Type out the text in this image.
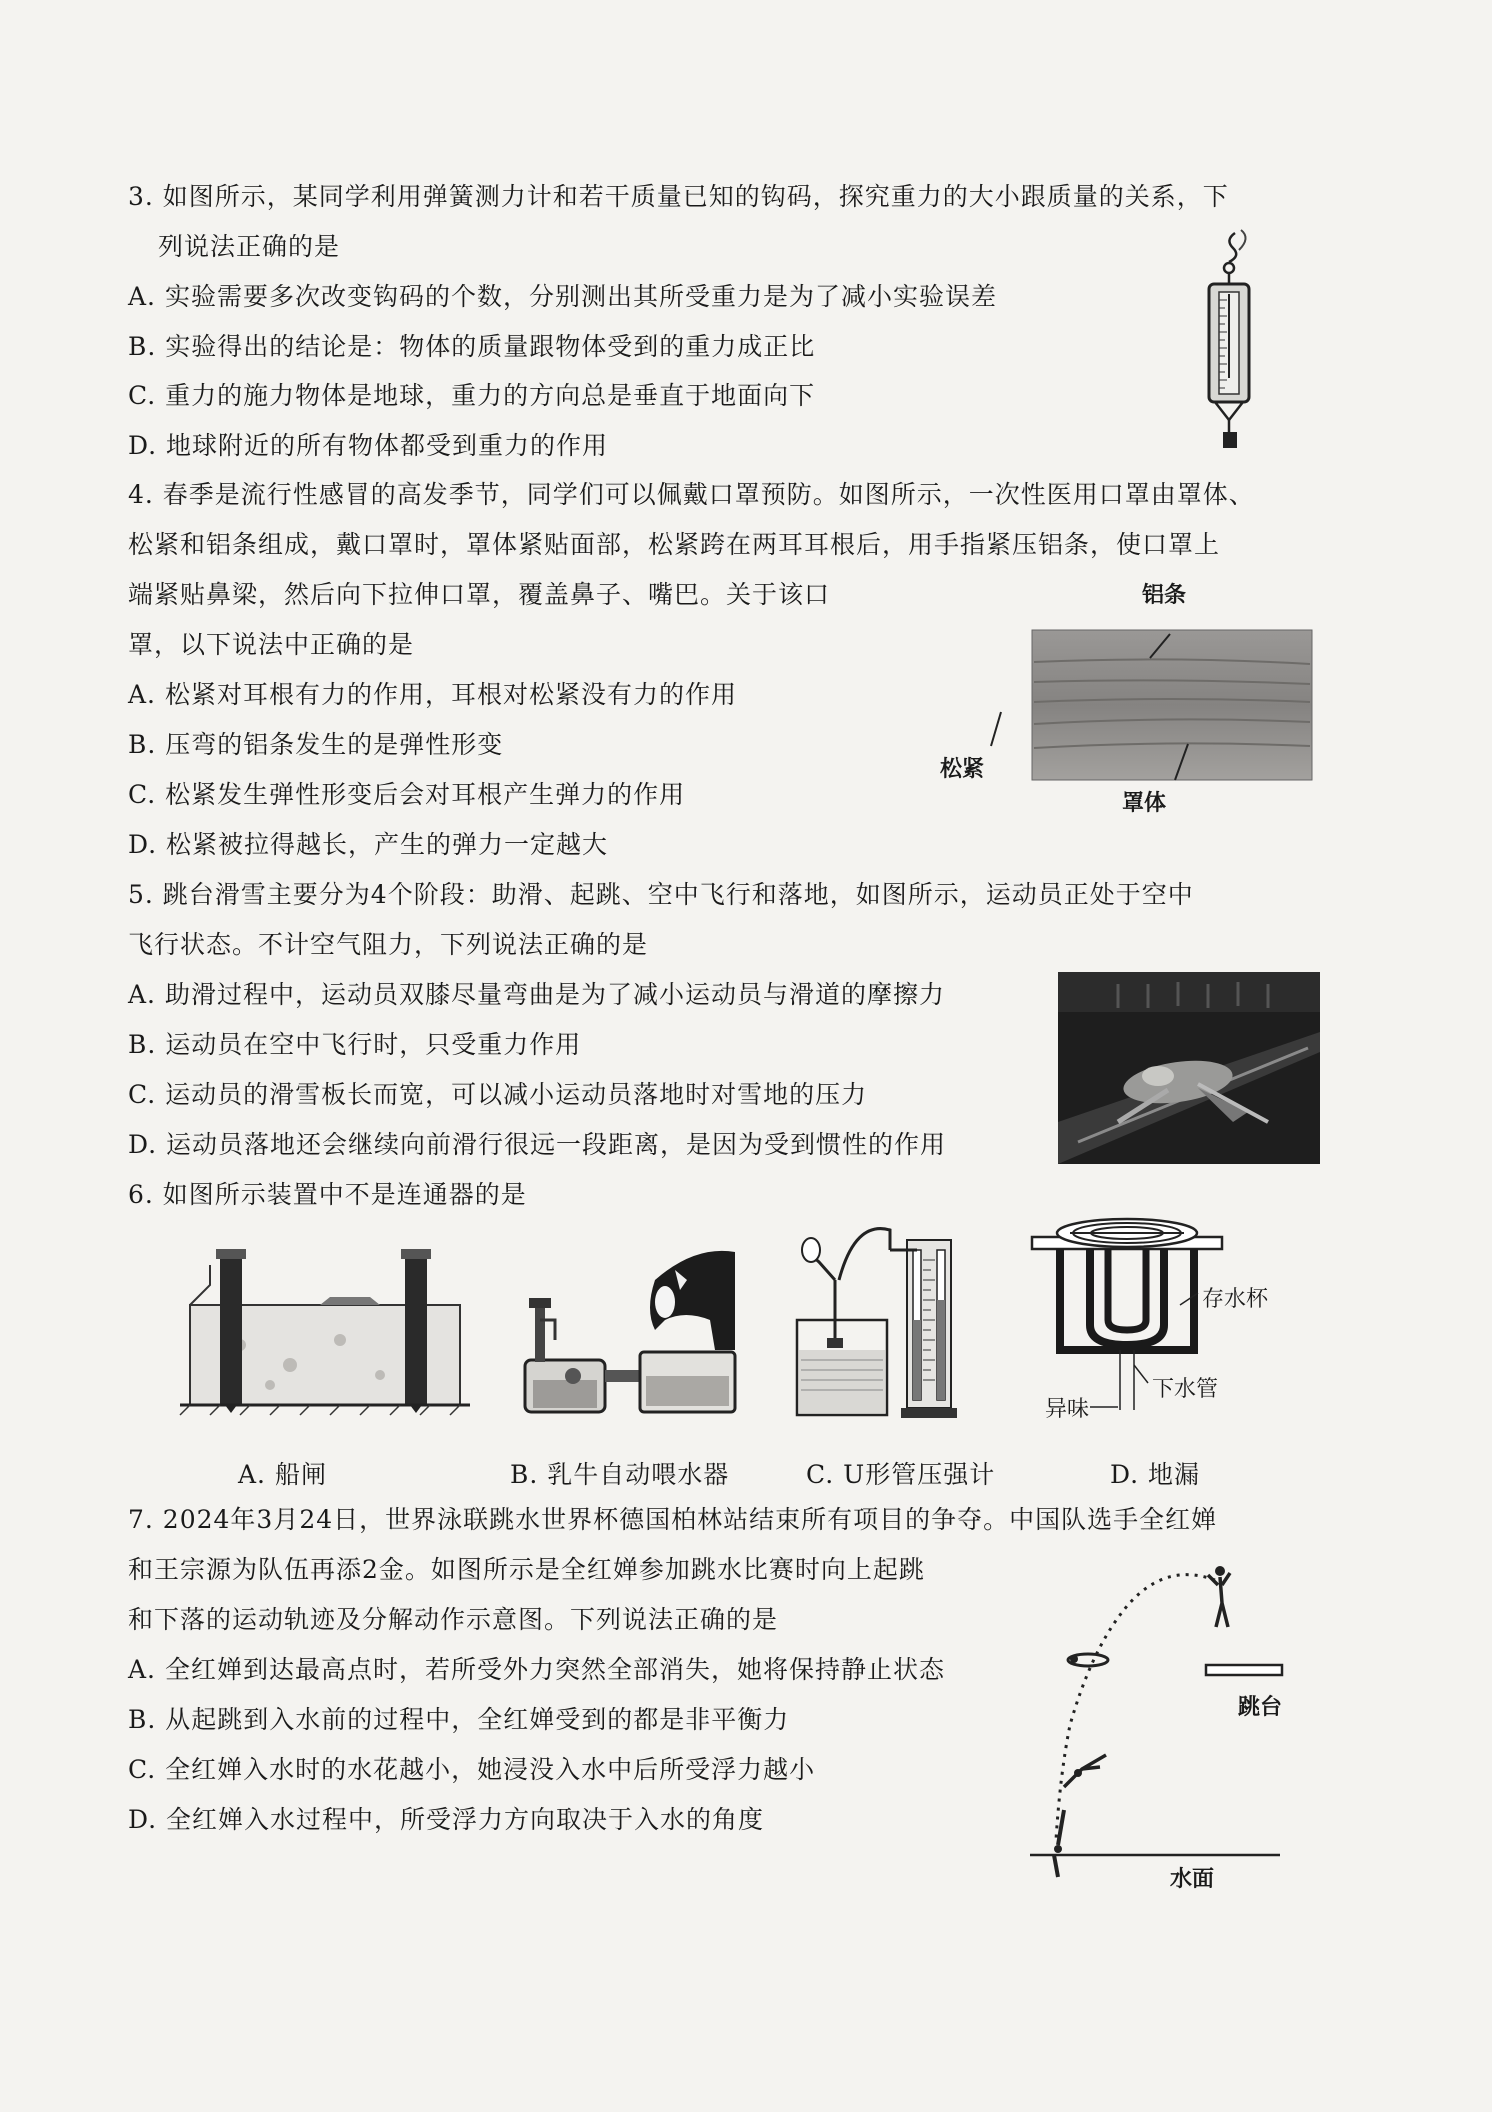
3. 如图所示，某同学利用弹簧测力计和若干质量已知的钩码，探究重力的大小跟质量的关系，下
列说法正确的是
A. 实验需要多次改变钩码的个数，分别测出其所受重力是为了减小实验误差
B. 实验得出的结论是：物体的质量跟物体受到的重力成正比
C. 重力的施力物体是地球，重力的方向总是垂直于地面向下
D. 地球附近的所有物体都受到重力的作用
4. 春季是流行性感冒的高发季节，同学们可以佩戴口罩预防。如图所示，一次性医用口罩由罩体、
松紧和铝条组成，戴口罩时，罩体紧贴面部，松紧跨在两耳耳根后，用手指紧压铝条，使口罩上
端紧贴鼻梁，然后向下拉伸口罩，覆盖鼻子、嘴巴。关于该口
罩，以下说法中正确的是
A. 松紧对耳根有力的作用，耳根对松紧没有力的作用
B. 压弯的铝条发生的是弹性形变
C. 松紧发生弹性形变后会对耳根产生弹力的作用
D. 松紧被拉得越长，产生的弹力一定越大
铝条
松紧
罩体
5. 跳台滑雪主要分为4个阶段：助滑、起跳、空中飞行和落地，如图所示，运动员正处于空中
飞行状态。不计空气阻力，下列说法正确的是
A. 助滑过程中，运动员双膝尽量弯曲是为了减小运动员与滑道的摩擦力
B. 运动员在空中飞行时，只受重力作用
C. 运动员的滑雪板长而宽，可以减小运动员落地时对雪地的压力
D. 运动员落地还会继续向前滑行很远一段距离，是因为受到惯性的作用
6. 如图所示装置中不是连通器的是
存水杯
下水管
异味
A. 船闸	B. 乳牛自动喂水器	C. U形管压强计	D. 地漏
7. 2024年3月24日，世界泳联跳水世界杯德国柏林站结束所有项目的争夺。中国队选手全红婵
和王宗源为队伍再添2金。如图所示是全红婵参加跳水比赛时向上起跳
和下落的运动轨迹及分解动作示意图。下列说法正确的是
A. 全红婵到达最高点时，若所受外力突然全部消失，她将保持静止状态
B. 从起跳到入水前的过程中，全红婵受到的都是非平衡力
C. 全红婵入水时的水花越小，她浸没入水中后所受浮力越小
D. 全红婵入水过程中，所受浮力方向取决于入水的角度
跳台
水面
